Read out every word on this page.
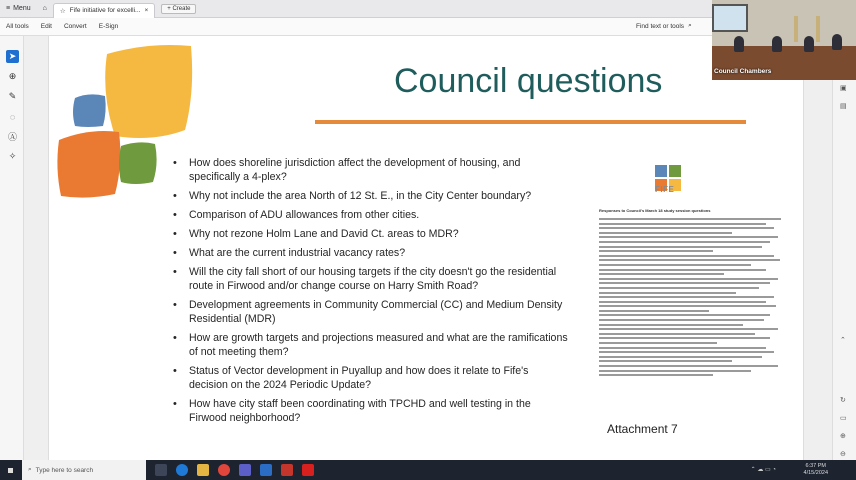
≡ Menu	⌂	☆ Fife initiative for excelli... ×	+ Create
All tools	Edit	Convert	E-Sign	Find text or tools ⌕
➤
⊕
✎
◌
Ⓐ
✧
Council questions
• How does shoreline jurisdiction affect the development of housing, and specifically a 4-plex?
• Why not include the area North of 12 St. E., in the City Center boundary?
• Comparison of ADU allowances from other cities.
• Why not rezone Holm Lane and David Ct. areas to MDR?
• What are the current industrial vacancy rates?
• Will the city fall short of our housing targets if the city doesn't go the residential route in Firwood and/or change course on Harry Smith Road?
• Development agreements in Community Commercial (CC) and Medium Density Residential (MDR)
• How are growth targets and projections measured and what are the ramifications of not meeting them?
• Status of Vector development in Puyallup and how does it relate to Fife's decision on the 2024 Periodic Update?
• How have city staff been coordinating with TPCHD and well testing in the Firwood neighborhood?
FIFE
Responses to Council's March 18 study session questions
Attachment 7
▣
▤
⌃
↻
▭
⊕
⊖
Council Chambers
⌕ Type here to search	⌃ ☁ ▭ ◔
6:37 PM
4/15/2024
